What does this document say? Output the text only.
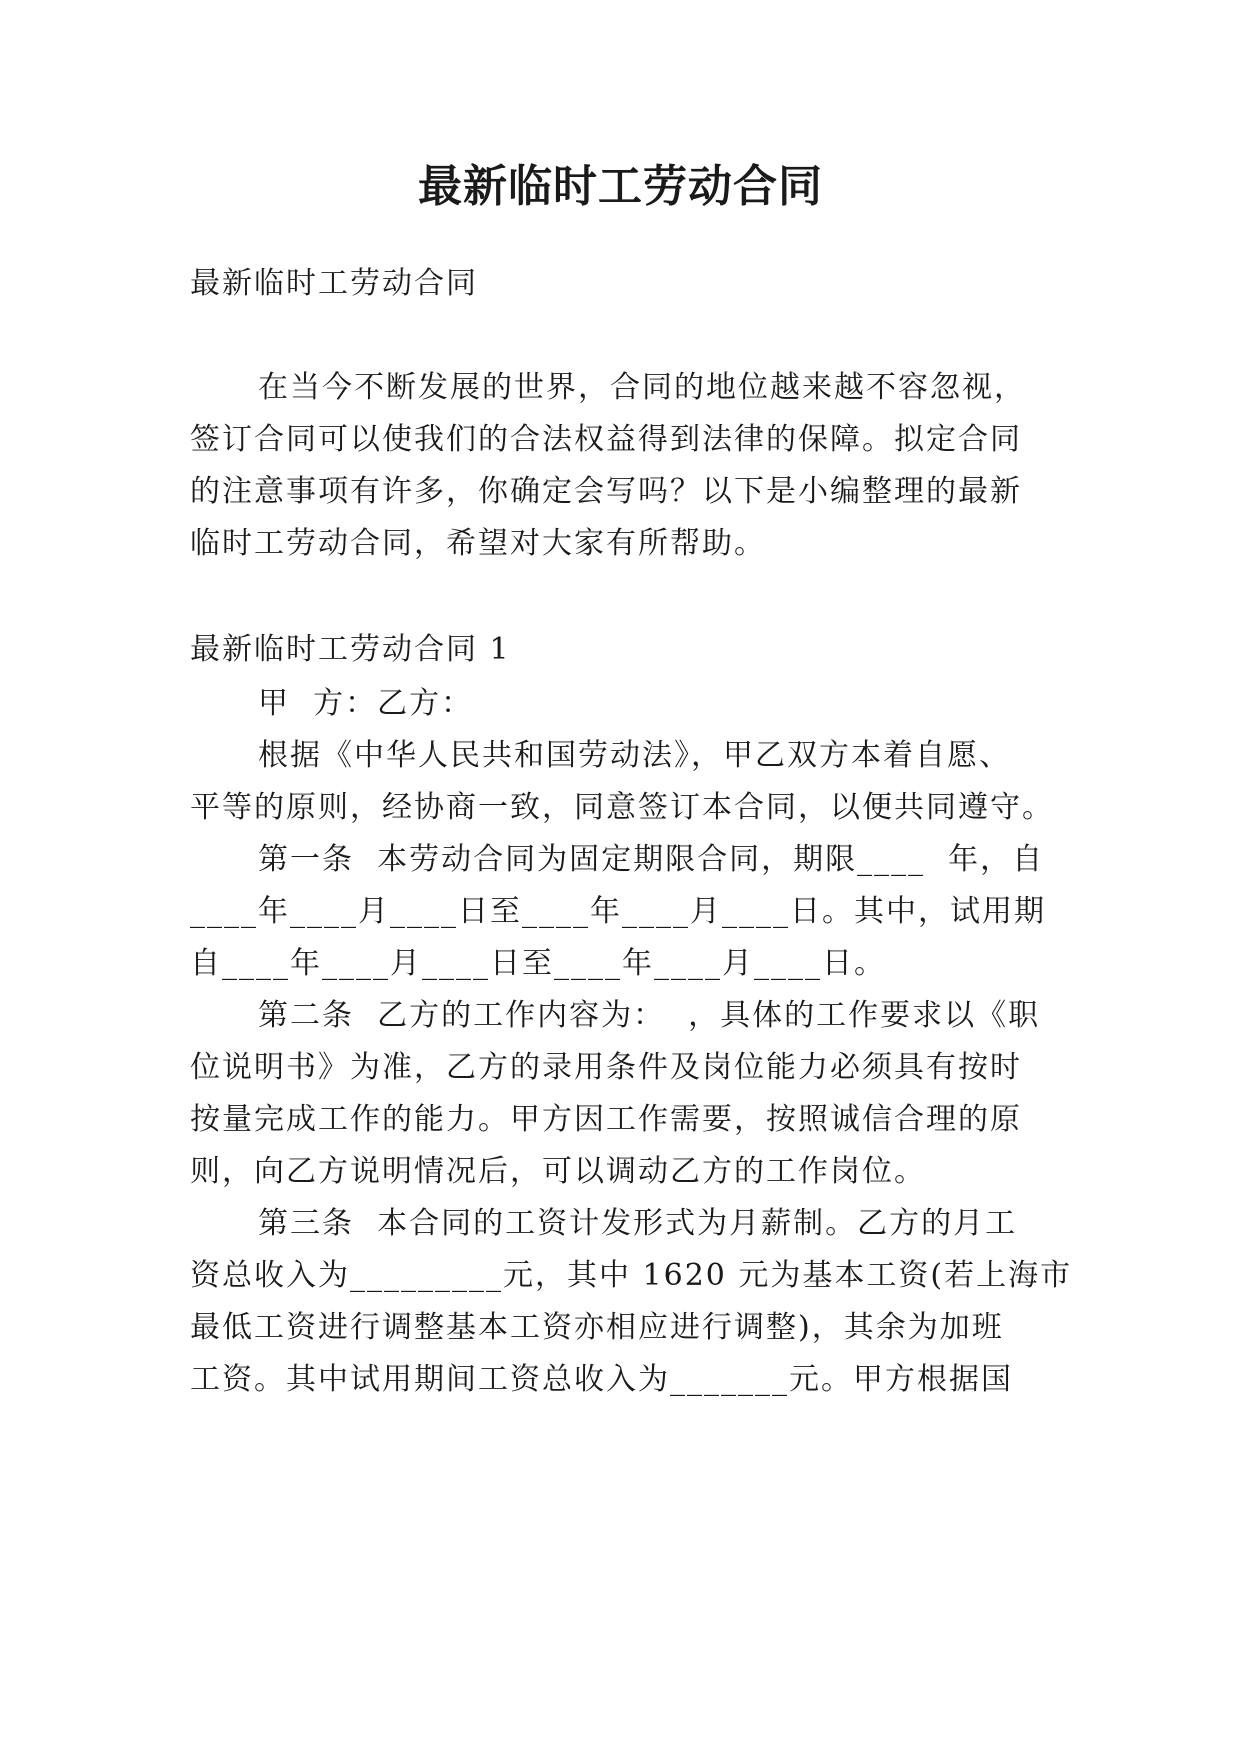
最新临时工劳动合同

最新临时工劳动合同

在当今不断发展的世界，合同的地位越来越不容忽视，

签订合同可以使我们的合法权益得到法律的保障。拟定合同

的注意事项有许多，你确定会写吗？以下是小编整理的最新

临时工劳动合同，希望对大家有所帮助。

最新临时工劳动合同 1

甲  方：乙方：

根据《中华人民共和国劳动法》，甲乙双方本着自愿、

平等的原则，经协商一致，同意签订本合同，以便共同遵守。

第一条  本劳动合同为固定期限合同，期限____  年，自

____年____月____日至____年____月____日。其中，试用期

自____年____月____日至____年____月____日。

第二条  乙方的工作内容为：  ，具体的工作要求以《职

位说明书》为准，乙方的录用条件及岗位能力必须具有按时

按量完成工作的能力。甲方因工作需要，按照诚信合理的原

则，向乙方说明情况后，可以调动乙方的工作岗位。

第三条  本合同的工资计发形式为月薪制。乙方的月工

资总收入为_________元，其中 1620 元为基本工资(若上海市

最低工资进行调整基本工资亦相应进行调整)，其余为加班

工资。其中试用期间工资总收入为_______元。甲方根据国
